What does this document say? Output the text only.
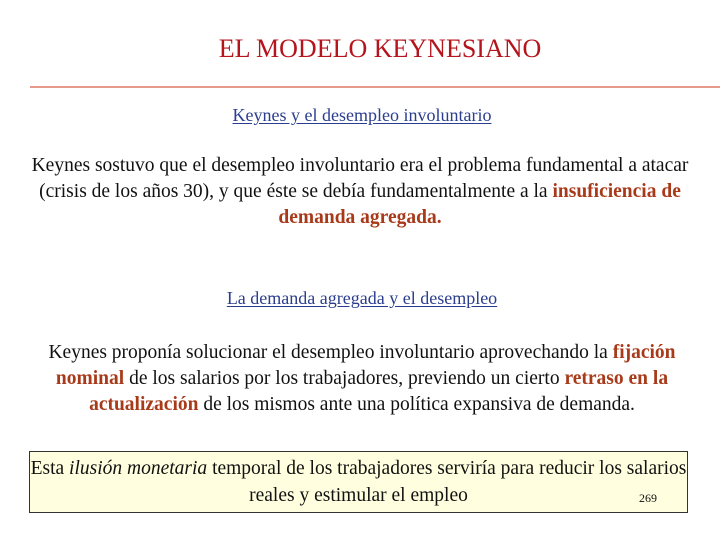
EL MODELO KEYNESIANO
Keynes y el desempleo involuntario
Keynes sostuvo que el desempleo involuntario era el problema fundamental a atacar (crisis de los años 30), y que éste se debía fundamentalmente a la insuficiencia de demanda agregada.
La demanda agregada y el desempleo
Keynes proponía solucionar el desempleo involuntario aprovechando la fijación nominal de los salarios por los trabajadores, previendo un cierto retraso en la actualización de los mismos ante una política expansiva de demanda.
Esta ilusión monetaria temporal de los trabajadores serviría para reducir los salarios reales y estimular el empleo	269
